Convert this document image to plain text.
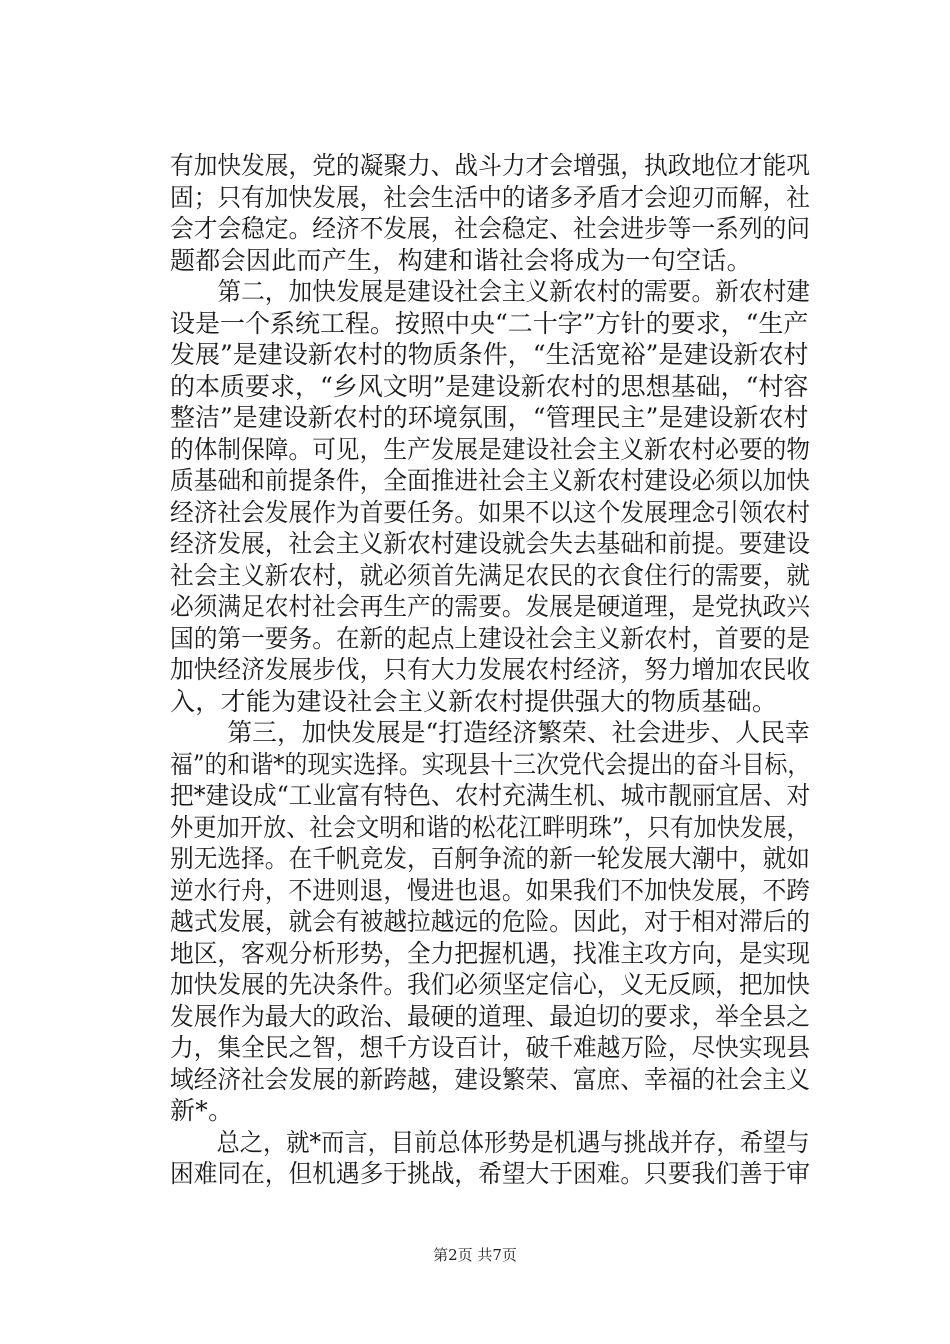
有加快发展，党的凝聚力、战斗力才会增强，执政地位才能巩
固；只有加快发展，社会生活中的诸多矛盾才会迎刃而解，社
会才会稳定。经济不发展，社会稳定、社会进步等一系列的问
题都会因此而产生，构建和谐社会将成为一句空话。
　　第二，加快发展是建设社会主义新农村的需要。新农村建
设是一个系统工程。按照中央“二十字”方针的要求，“生产
发展”是建设新农村的物质条件，“生活宽裕”是建设新农村
的本质要求，“乡风文明”是建设新农村的思想基础，“村容
整洁”是建设新农村的环境氛围，“管理民主”是建设新农村
的体制保障。可见，生产发展是建设社会主义新农村必要的物
质基础和前提条件，全面推进社会主义新农村建设必须以加快
经济社会发展作为首要任务。如果不以这个发展理念引领农村
经济发展，社会主义新农村建设就会失去基础和前提。要建设
社会主义新农村，就必须首先满足农民的衣食住行的需要，就
必须满足农村社会再生产的需要。发展是硬道理，是党执政兴
国的第一要务。在新的起点上建设社会主义新农村，首要的是
加快经济发展步伐，只有大力发展农村经济，努力增加农民收
入，才能为建设社会主义新农村提供强大的物质基础。
　　 第三，加快发展是“打造经济繁荣、社会进步、人民幸
福”的和谐*的现实选择。实现县十三次党代会提出的奋斗目标，
把*建设成“工业富有特色、农村充满生机、城市靓丽宜居、对
外更加开放、社会文明和谐的松花江畔明珠”，只有加快发展，
别无选择。在千帆竞发，百舸争流的新一轮发展大潮中，就如
逆水行舟，不进则退，慢进也退。如果我们不加快发展，不跨
越式发展，就会有被越拉越远的危险。因此，对于相对滞后的
地区，客观分析形势，全力把握机遇，找准主攻方向，是实现
加快发展的先决条件。我们必须坚定信心，义无反顾，把加快
发展作为最大的政治、最硬的道理、最迫切的要求，举全县之
力，集全民之智，想千方设百计，破千难越万险，尽快实现县
域经济社会发展的新跨越，建设繁荣、富庶、幸福的社会主义
新*。
　　总之，就*而言，目前总体形势是机遇与挑战并存，希望与
困难同在，但机遇多于挑战，希望大于困难。只要我们善于审
第2页 共7页
